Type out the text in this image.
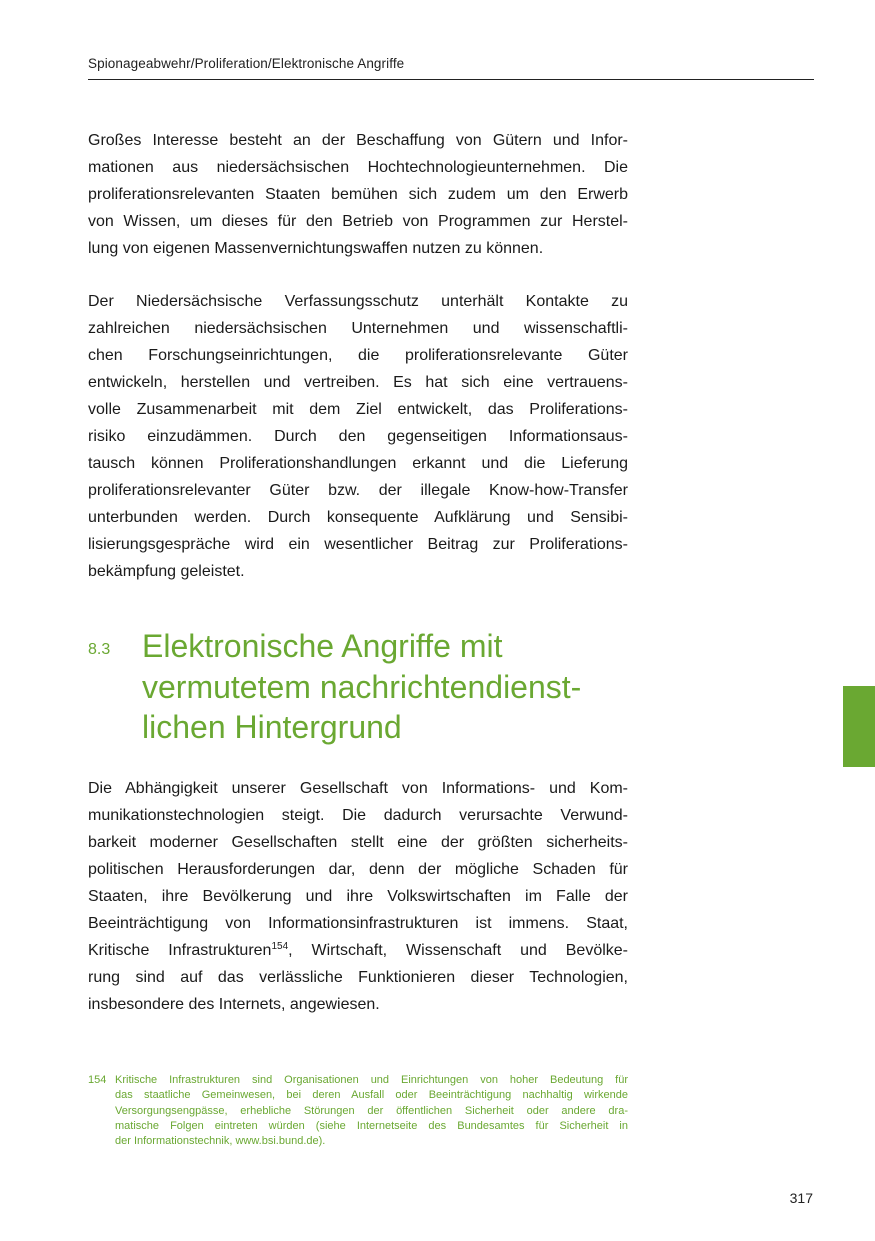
Spionageabwehr/Proliferation/Elektronische Angriffe

Großes Interesse besteht an der Beschaffung von Gütern und Infor-
mationen aus niedersächsischen Hochtechnologieunternehmen. Die
proliferationsrelevanten Staaten bemühen sich zudem um den Erwerb
von Wissen, um dieses für den Betrieb von Programmen zur Herstel-
lung von eigenen Massenvernichtungswaffen nutzen zu können.

Der Niedersächsische Verfassungsschutz unterhält Kontakte zu
zahlreichen niedersächsischen Unternehmen und wissenschaftli-
chen Forschungseinrichtungen, die proliferationsrelevante Güter
entwickeln, herstellen und vertreiben. Es hat sich eine vertrauens-
volle Zusammenarbeit mit dem Ziel entwickelt, das Proliferations-
risiko einzudämmen. Durch den gegenseitigen Informationsaus-
tausch können Proliferationshandlungen erkannt und die Lieferung
proliferationsrelevanter Güter bzw. der illegale Know-how-Transfer
unterbunden werden. Durch konsequente Aufklärung und Sensibi-
lisierungsgespräche wird ein wesentlicher Beitrag zur Proliferations-
bekämpfung geleistet.

8.3 Elektronische Angriffe mit
vermutetem nachrichtendienst-
lichen Hintergrund

Die Abhängigkeit unserer Gesellschaft von Informations- und Kom-
munikationstechnologien steigt. Die dadurch verursachte Verwund-
barkeit moderner Gesellschaften stellt eine der größten sicherheits-
politischen Herausforderungen dar, denn der mögliche Schaden für
Staaten, ihre Bevölkerung und ihre Volkswirtschaften im Falle der
Beeinträchtigung von Informationsinfrastrukturen ist immens. Staat,
Kritische Infrastrukturen$^{154}$, Wirtschaft, Wissenschaft und Bevölke-
rung sind auf das verlässliche Funktionieren dieser Technologien,
insbesondere des Internets, angewiesen.

154 Kritische Infrastrukturen sind Organisationen und Einrichtungen von hoher Bedeutung für
das staatliche Gemeinwesen, bei deren Ausfall oder Beeinträchtigung nachhaltig wirkende
Versorgungsengpässe, erhebliche Störungen der öffentlichen Sicherheit oder andere dra-
matische Folgen eintreten würden (siehe Internetseite des Bundesamtes für Sicherheit in
der Informationstechnik, www.bsi.bund.de).
317
